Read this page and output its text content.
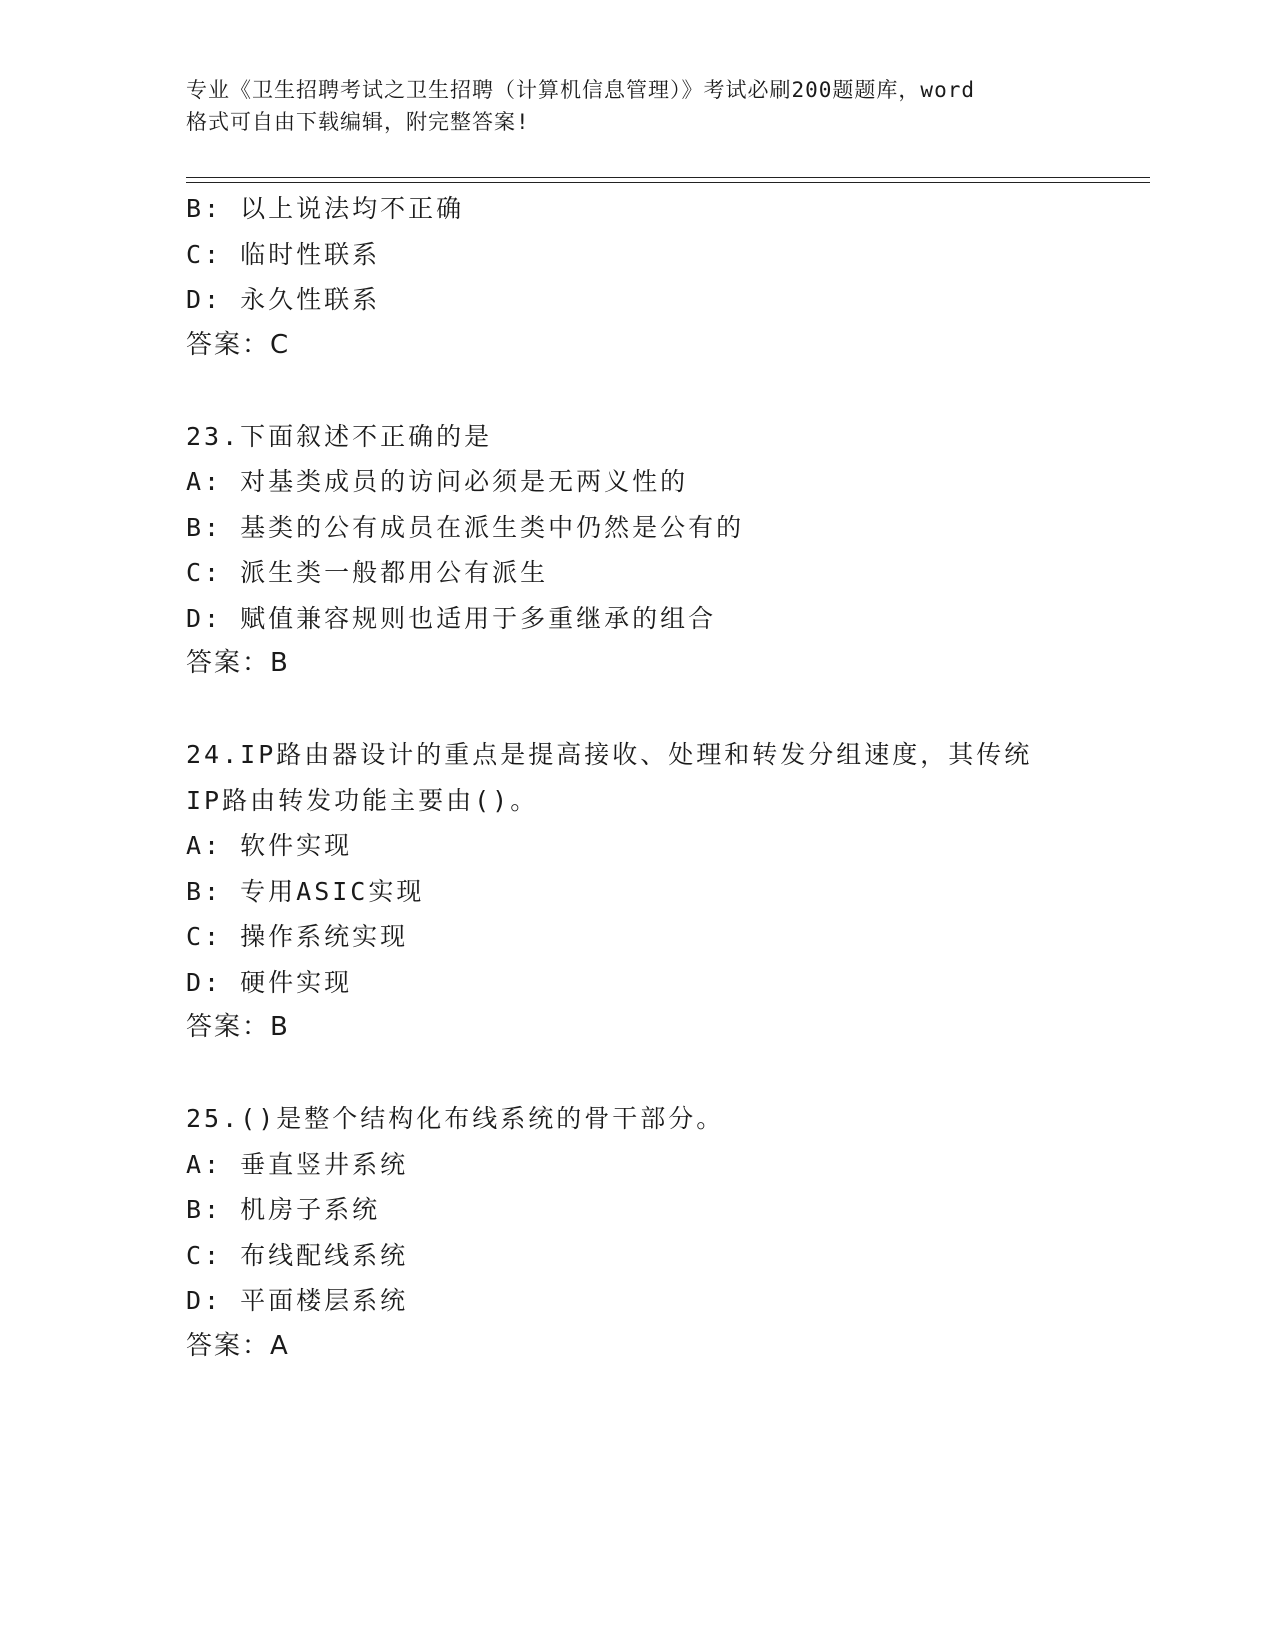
专业《卫生招聘考试之卫生招聘（计算机信息管理）》考试必刷200题题库，word
格式可自由下载编辑，附完整答案!
B: 以上说法均不正确
C: 临时性联系
D: 永久性联系
答案：C
23.下面叙述不正确的是
A: 对基类成员的访问必须是无两义性的
B: 基类的公有成员在派生类中仍然是公有的
C: 派生类一般都用公有派生
D: 赋值兼容规则也适用于多重继承的组合
答案：B
24.IP路由器设计的重点是提高接收、处理和转发分组速度，其传统
IP路由转发功能主要由()。
A: 软件实现
B: 专用ASIC实现
C: 操作系统实现
D: 硬件实现
答案：B
25.()是整个结构化布线系统的骨干部分。
A: 垂直竖井系统
B: 机房子系统
C: 布线配线系统
D: 平面楼层系统
答案：A
